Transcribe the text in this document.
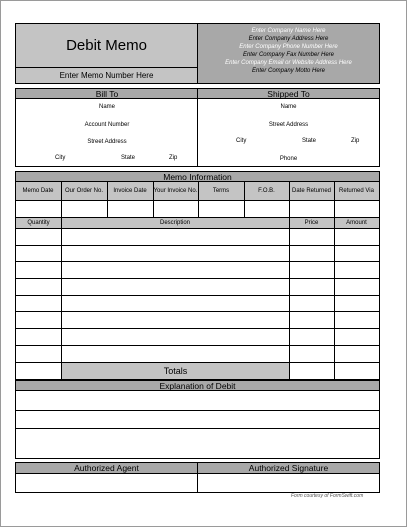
Debit Memo
Enter Memo Number Here
Enter Company Name Here
Enter Company Address Here
Enter Company Phone Number Here
Enter Company Fax Number Here
Enter Company Email or Website Address Here
Enter Company Motto Here
Bill To	Shipped To
Name
Account Number
Street Address
City	State	Zip
Name
Street Address
City	State	Zip
Phone
Memo Information
Memo Date	Our Order No.	Invoice Date	Your Invoice No.	Terms	F.O.B.	Date Returned	Returned Via
Quantity	Description	Price	Amount
Totals
Explanation of Debit
Authorized Agent	Authorized Signature
Form courtesy of FormSwift.com
